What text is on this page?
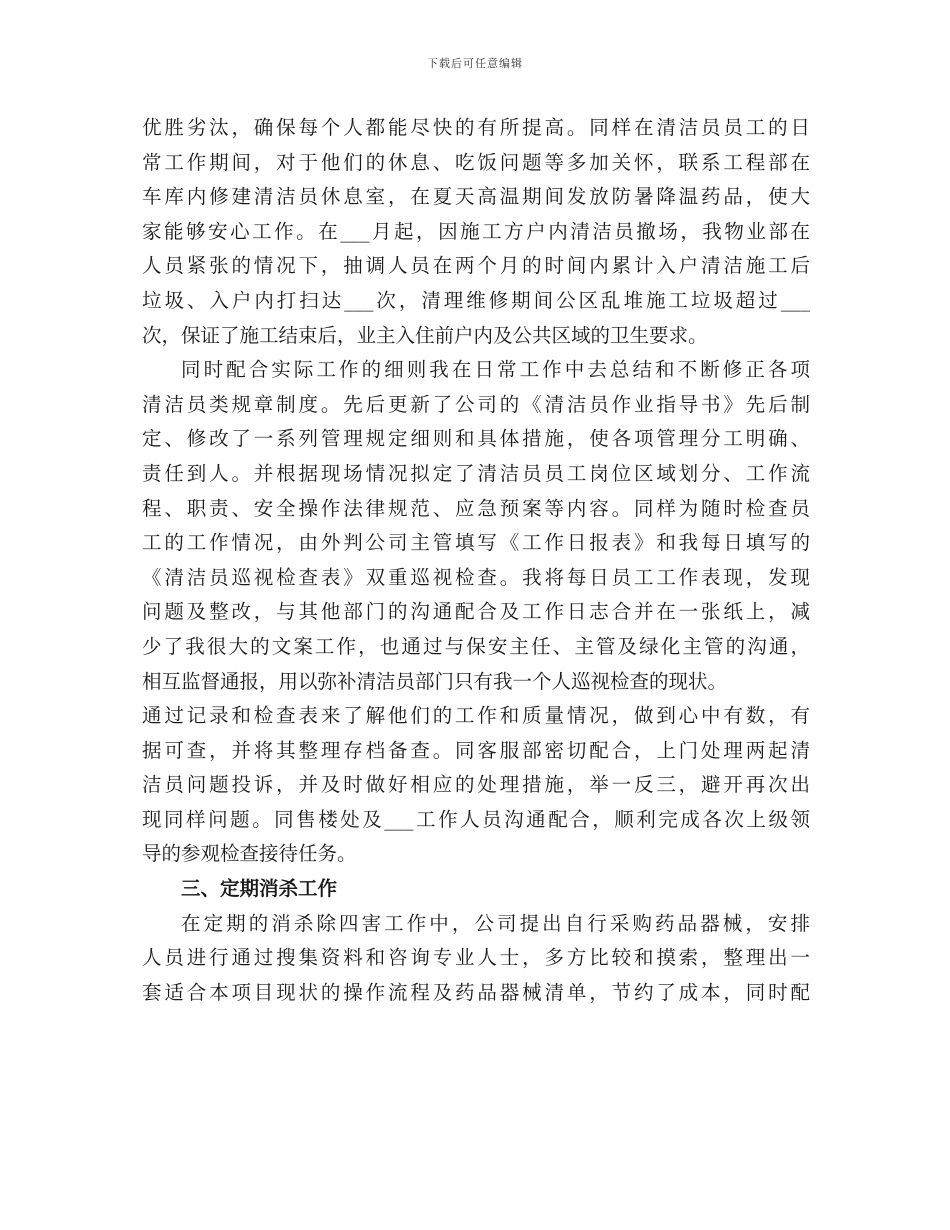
下载后可任意编辑
优胜劣汰，确保每个人都能尽快的有所提高。同样在清洁员员工的日
常工作期间，对于他们的休息、吃饭问题等多加关怀，联系工程部在
车库内修建清洁员休息室，在夏天高温期间发放防暑降温药品，使大
家能够安心工作。在___月起，因施工方户内清洁员撤场，我物业部在
人员紧张的情况下，抽调人员在两个月的时间内累计入户清洁施工后
垃圾、入户内打扫达___次，清理维修期间公区乱堆施工垃圾超过___
次，保证了施工结束后，业主入住前户内及公共区域的卫生要求。
同时配合实际工作的细则我在日常工作中去总结和不断修正各项
清洁员类规章制度。先后更新了公司的《清洁员作业指导书》先后制
定、修改了一系列管理规定细则和具体措施，使各项管理分工明确、
责任到人。并根据现场情况拟定了清洁员员工岗位区域划分、工作流
程、职责、安全操作法律规范、应急预案等内容。同样为随时检查员
工的工作情况，由外判公司主管填写《工作日报表》和我每日填写的
《清洁员巡视检查表》双重巡视检查。我将每日员工工作表现，发现
问题及整改，与其他部门的沟通配合及工作日志合并在一张纸上，减
少了我很大的文案工作，也通过与保安主任、主管及绿化主管的沟通，
相互监督通报，用以弥补清洁员部门只有我一个人巡视检查的现状。
通过记录和检查表来了解他们的工作和质量情况，做到心中有数，有
据可查，并将其整理存档备查。同客服部密切配合，上门处理两起清
洁员问题投诉，并及时做好相应的处理措施，举一反三，避开再次出
现同样问题。同售楼处及___工作人员沟通配合，顺利完成各次上级领
导的参观检查接待任务。
三、定期消杀工作
在定期的消杀除四害工作中，公司提出自行采购药品器械，安排
人员进行通过搜集资料和咨询专业人士，多方比较和摸索，整理出一
套适合本项目现状的操作流程及药品器械清单，节约了成本，同时配
